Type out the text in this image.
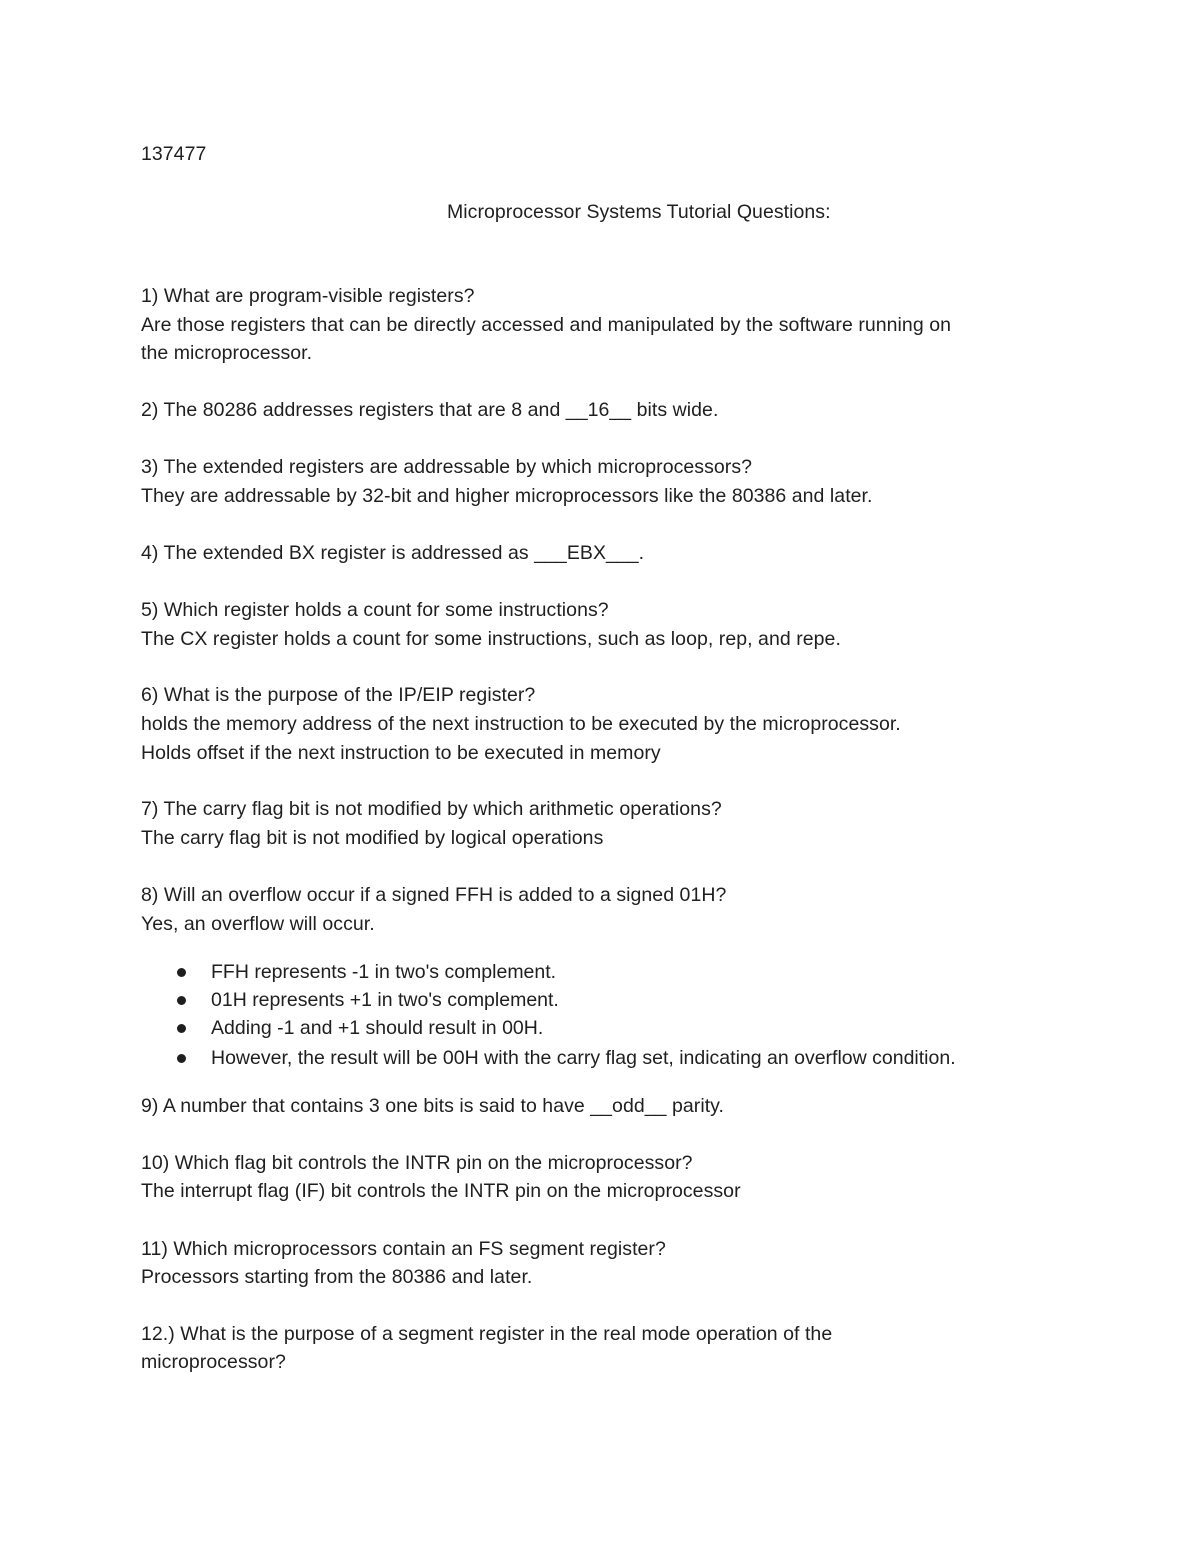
137477
Microprocessor Systems Tutorial Questions:
1) What are program-visible registers?
Are those registers that can be directly accessed and manipulated by the software running on
the microprocessor.
2) The 80286 addresses registers that are 8 and __16__ bits wide.
3) The extended registers are addressable by which microprocessors?
They are addressable by 32-bit and higher microprocessors like the 80386 and later.
4) The extended BX register is addressed as ___EBX___.
5) Which register holds a count for some instructions?
The CX register holds a count for some instructions, such as loop, rep, and repe.
6) What is the purpose of the IP/EIP register?
holds the memory address of the next instruction to be executed by the microprocessor.
Holds offset if the next instruction to be executed in memory
7) The carry flag bit is not modified by which arithmetic operations?
The carry flag bit is not modified by logical operations
8) Will an overflow occur if a signed FFH is added to a signed 01H?
Yes, an overflow will occur.
FFH represents -1 in two's complement.
01H represents +1 in two's complement.
Adding -1 and +1 should result in 00H.
However, the result will be 00H with the carry flag set, indicating an overflow condition.
9) A number that contains 3 one bits is said to have __odd__ parity.
10) Which flag bit controls the INTR pin on the microprocessor?
The interrupt flag (IF) bit controls the INTR pin on the microprocessor
11) Which microprocessors contain an FS segment register?
Processors starting from the 80386 and later.
12.) What is the purpose of a segment register in the real mode operation of the
microprocessor?
